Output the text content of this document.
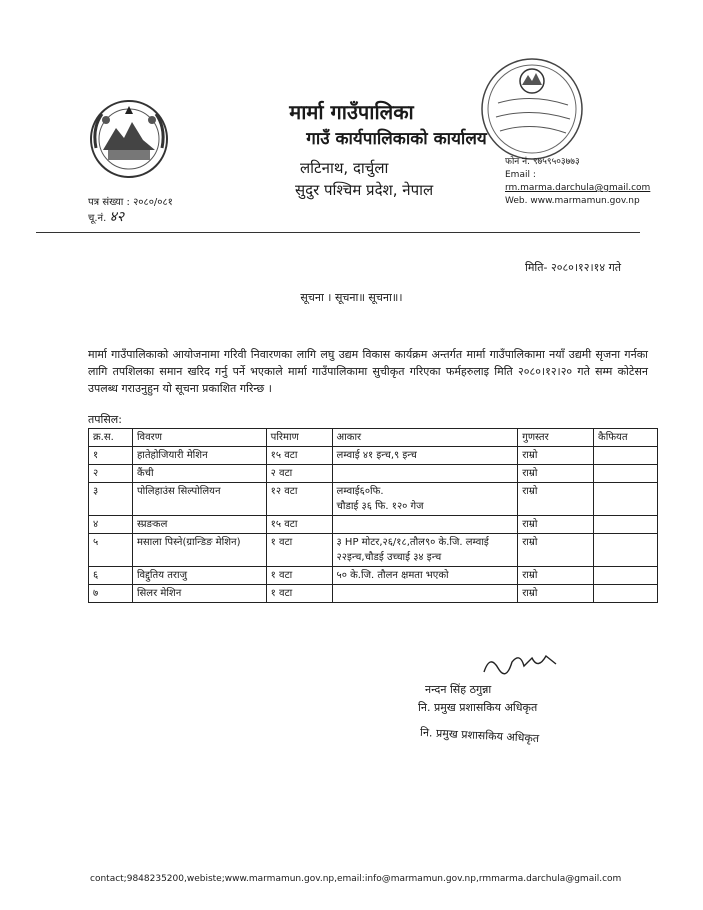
मार्मा गाउँपालिका
गाउँ कार्यपालिकाको कार्यालय
लटिनाथ, दार्चुला
सुदुर पश्चिम प्रदेश, नेपाल
फोन नं. ९७५९५०३७७३
Email :
rm.marma.darchula@gmail.com
Web. www.marmamun.gov.np
पत्र संख्या : २०८०/०८१
चू.नं. ४२
मिति- २०८०।१२।१४ गते
सूचना । सूचना॥ सूचना॥।
मार्मा गाउँपालिकाको आयोजनामा गरिवी निवारणका लागि लघु उद्यम विकास कार्यक्रम अन्तर्गत मार्मा गाउँपालिकामा नयाँ उद्यमी सृजना गर्नका लागि तपशिलका समान खरिद गर्नु पर्ने भएकाले मार्मा गाउँपालिकामा सुचीकृत गरिएका फर्महरुलाइ मिति २०८०।१२।२० गते सम्म कोटेसन उपलब्ध गराउनुहुन यो सूचना प्रकाशित गरिन्छ ।
तपसिल:
क्र.स.	विवरण	परिमाण	आकार	गुणस्तर	कैफियत
१	हातेहोजियारी मेशिन	१५ वटा	लम्वाई ४१ इन्च,९ इन्च	राम्रो	
२	कैंची	२ वटा		राम्रो	
३	पोलिहाउंस सिल्पोलियन	१२ वटा	लम्वाई६०फि.
चौडाई ३६ फि. १२० गेज	राम्रो	
४	स्प्रङकल	१५ वटा		राम्रो	
५	मसाला पिस्ने(ग्रान्डिङ मेशिन)	१ वटा	३ HP मोटर,२६/१८,तौल९० के.जि. लम्वाई २२इन्च,चौडई उच्चाई ३४ इन्च	राम्रो	
६	विद्दुतिय तराजु	१ वटा	५० के.जि. तौलन क्षमता भएको	राम्रो	
७	सिलर मेशिन	१ वटा		राम्रो	
नन्दन सिंह ठगुन्ना
नि. प्रमुख प्रशासकिय अधिकृत
नि. प्रमुख प्रशासकिय अधिकृत
contact;9848235200,webiste;www.marmamun.gov.np,email:info@marmamun.gov.np,rmmarma.darchula@gmail.com
